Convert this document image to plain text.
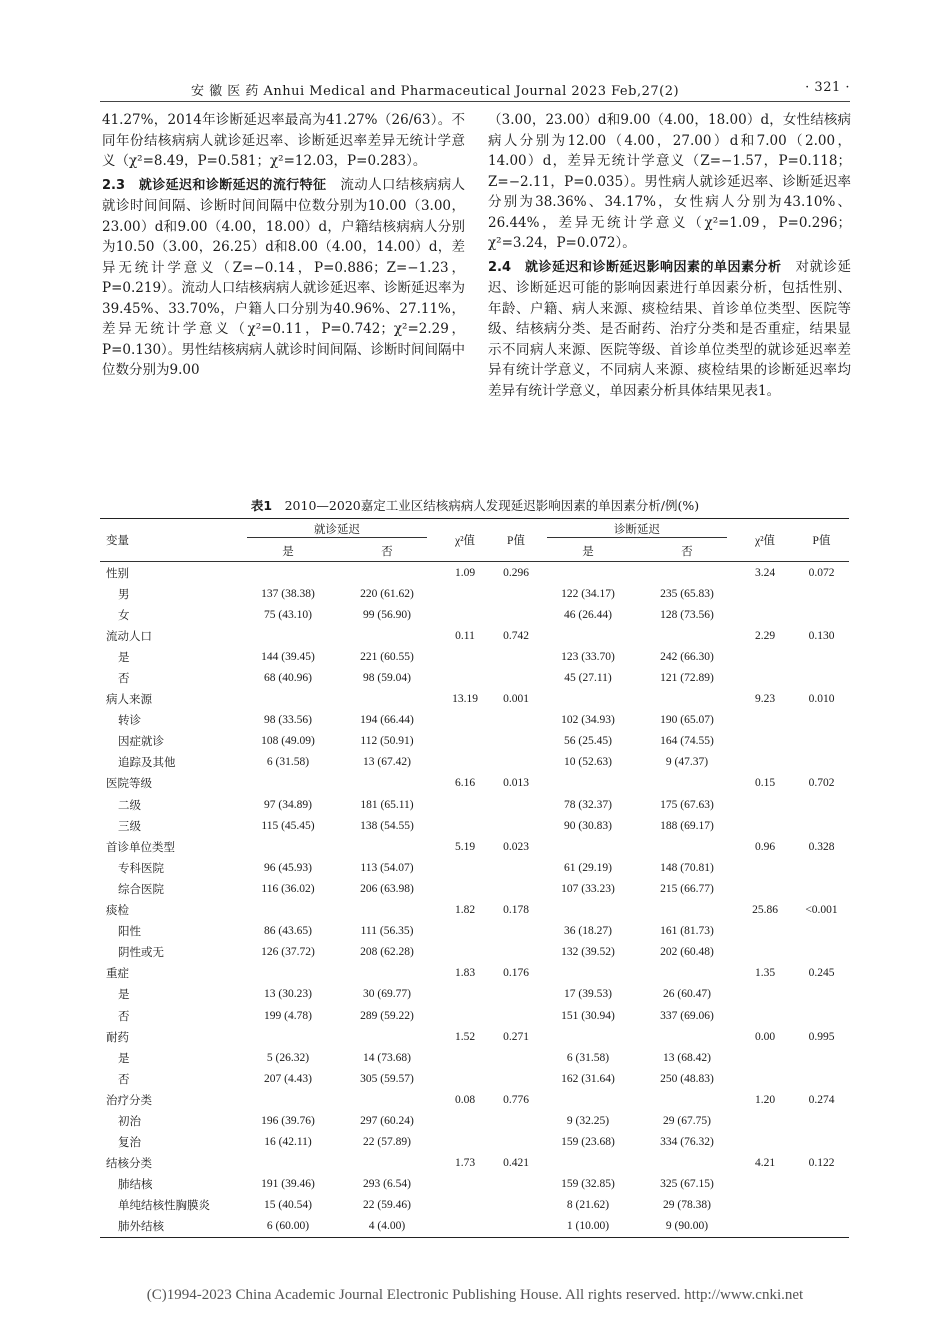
安 徽 医 药 Anhui Medical and Pharmaceutical Journal 2023 Feb,27(2)	· 321 ·

41.27%，2014年诊断延迟率最高为41.27%（26/63）。不同年份结核病病人就诊延迟率、诊断延迟率差异无统计学意义（χ²=8.49，P=0.581；χ²=12.03，P=0.283）。

2.3　就诊延迟和诊断延迟的流行特征　流动人口结核病病人就诊时间间隔、诊断时间间隔中位数分别为10.00（3.00，23.00）d和9.00（4.00，18.00）d，户籍结核病病人分别为10.50（3.00，26.25）d和8.00（4.00，14.00）d，差异无统计学意义（Z=−0.14，P=0.886；Z=−1.23，P=0.219）。流动人口结核病病人就诊延迟率、诊断延迟率为39.45%、33.70%，户籍人口分别为40.96%、27.11%，差异无统计学意义（χ²=0.11，P=0.742；χ²=2.29，P=0.130）。男性结核病病人就诊时间间隔、诊断时间间隔中位数分别为9.00

（3.00，23.00）d和9.00（4.00，18.00）d，女性结核病病人分别为12.00（4.00，27.00）d和7.00（2.00，14.00）d，差异无统计学意义（Z=−1.57，P=0.118；Z=−2.11，P=0.035）。男性病人就诊延迟率、诊断延迟率分别为38.36%、34.17%，女性病人分别为43.10%、26.44%，差异无统计学意义（χ²=1.09，P=0.296；χ²=3.24，P=0.072）。

2.4　就诊延迟和诊断延迟影响因素的单因素分析　对就诊延迟、诊断延迟可能的影响因素进行单因素分析，包括性别、年龄、户籍、病人来源、痰检结果、首诊单位类型、医院等级、结核病分类、是否耐药、治疗分类和是否重症，结果显示不同病人来源、医院等级、首诊单位类型的就诊延迟率差异有统计学意义，不同病人来源、痰检结果的诊断延迟率均差异有统计学意义，单因素分析具体结果见表1。

表1　2010—2020嘉定工业区结核病病人发现延迟影响因素的单因素分析/例(%)
变量	就诊延迟		χ²值	P值	诊断延迟		χ²值	P值
	是	否			是	否		
性别			1.09	0.296			3.24	0.072
男	137 (38.38)	220 (61.62)			122 (34.17)	235 (65.83)		
女	75 (43.10)	99 (56.90)			46 (26.44)	128 (73.56)		
流动人口			0.11	0.742			2.29	0.130
是	144 (39.45)	221 (60.55)			123 (33.70)	242 (66.30)		
否	68 (40.96)	98 (59.04)			45 (27.11)	121 (72.89)		
病人来源			13.19	0.001			9.23	0.010
转诊	98 (33.56)	194 (66.44)			102 (34.93)	190 (65.07)		
因症就诊	108 (49.09)	112 (50.91)			56 (25.45)	164 (74.55)		
追踪及其他	6 (31.58)	13 (67.42)			10 (52.63)	9 (47.37)		
医院等级			6.16	0.013			0.15	0.702
二级	97 (34.89)	181 (65.11)			78 (32.37)	175 (67.63)		
三级	115 (45.45)	138 (54.55)			90 (30.83)	188 (69.17)		
首诊单位类型			5.19	0.023			0.96	0.328
专科医院	96 (45.93)	113 (54.07)			61 (29.19)	148 (70.81)		
综合医院	116 (36.02)	206 (63.98)			107 (33.23)	215 (66.77)		
痰检			1.82	0.178			25.86	<0.001
阳性	86 (43.65)	111 (56.35)			36 (18.27)	161 (81.73)		
阴性或无	126 (37.72)	208 (62.28)			132 (39.52)	202 (60.48)		
重症			1.83	0.176			1.35	0.245
是	13 (30.23)	30 (69.77)			17 (39.53)	26 (60.47)		
否	199 (4.78)	289 (59.22)			151 (30.94)	337 (69.06)		
耐药			1.52	0.271			0.00	0.995
是	5 (26.32)	14 (73.68)			6 (31.58)	13 (68.42)		
否	207 (4.43)	305 (59.57)			162 (31.64)	250 (48.83)		
治疗分类			0.08	0.776			1.20	0.274
初治	196 (39.76)	297 (60.24)			9 (32.25)	29 (67.75)		
复治	16 (42.11)	22 (57.89)			159 (23.68)	334 (76.32)		
结核分类			1.73	0.421			4.21	0.122
肺结核	191 (39.46)	293 (6.54)			159 (32.85)	325 (67.15)		
单纯结核性胸膜炎	15 (40.54)	22 (59.46)			8 (21.62)	29 (78.38)		
肺外结核	6 (60.00)	4 (4.00)			1 (10.00)	9 (90.00)		
(C)1994-2023 China Academic Journal Electronic Publishing House. All rights reserved. http://www.cnki.net
